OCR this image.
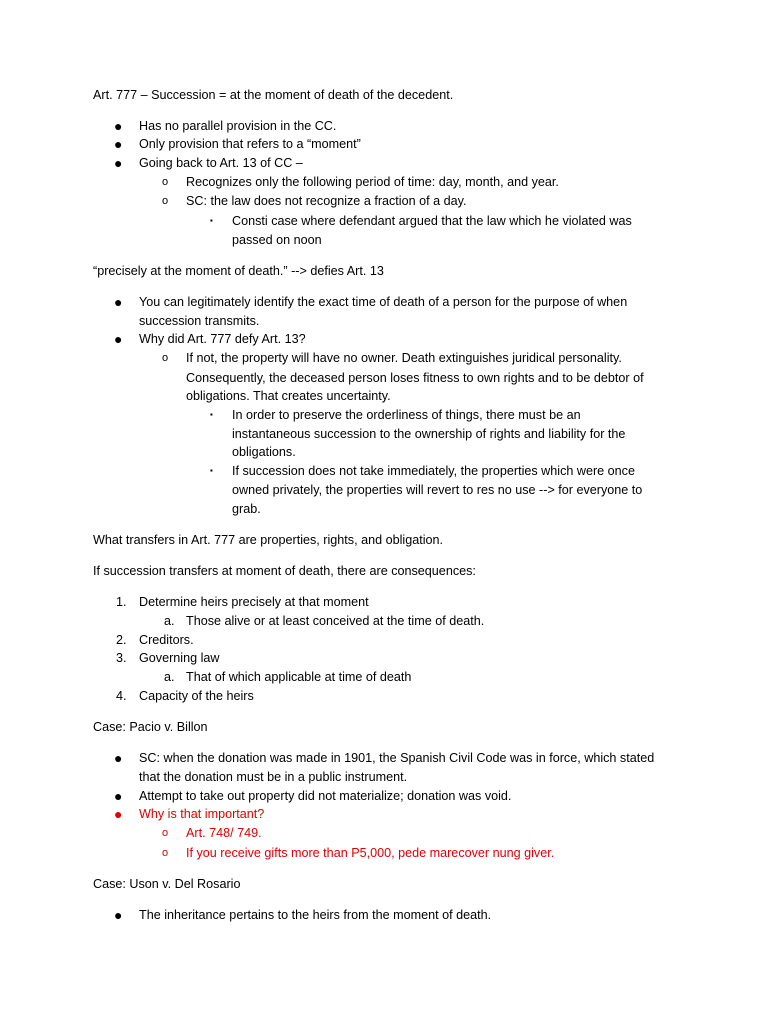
Art. 777 – Succession = at the moment of death of the decedent.
● Has no parallel provision in the CC.
● Only provision that refers to a “moment”
● Going back to Art. 13 of CC –
o Recognizes only the following period of time: day, month, and year.
o SC: the law does not recognize a fraction of a day.
▪ Consti case where defendant argued that the law which he violated was
passed on noon
“precisely at the moment of death.” --> defies Art. 13
● You can legitimately identify the exact time of death of a person for the purpose of when
succession transmits.
● Why did Art. 777 defy Art. 13?
o If not, the property will have no owner. Death extinguishes juridical personality.
Consequently, the deceased person loses fitness to own rights and to be debtor of
obligations. That creates uncertainty.
▪ In order to preserve the orderliness of things, there must be an
instantaneous succession to the ownership of rights and liability for the
obligations.
▪ If succession does not take immediately, the properties which were once
owned privately, the properties will revert to res no use --> for everyone to
grab.
What transfers in Art. 777 are properties, rights, and obligation.
If succession transfers at moment of death, there are consequences:
1. Determine heirs precisely at that moment
a. Those alive or at least conceived at the time of death.
2. Creditors.
3. Governing law
a. That of which applicable at time of death
4. Capacity of the heirs
Case: Pacio v. Billon
● SC: when the donation was made in 1901, the Spanish Civil Code was in force, which stated
that the donation must be in a public instrument.
● Attempt to take out property did not materialize; donation was void.
● Why is that important?
o Art. 748/ 749.
o If you receive gifts more than P5,000, pede marecover nung giver.
Case: Uson v. Del Rosario
● The inheritance pertains to the heirs from the moment of death.
